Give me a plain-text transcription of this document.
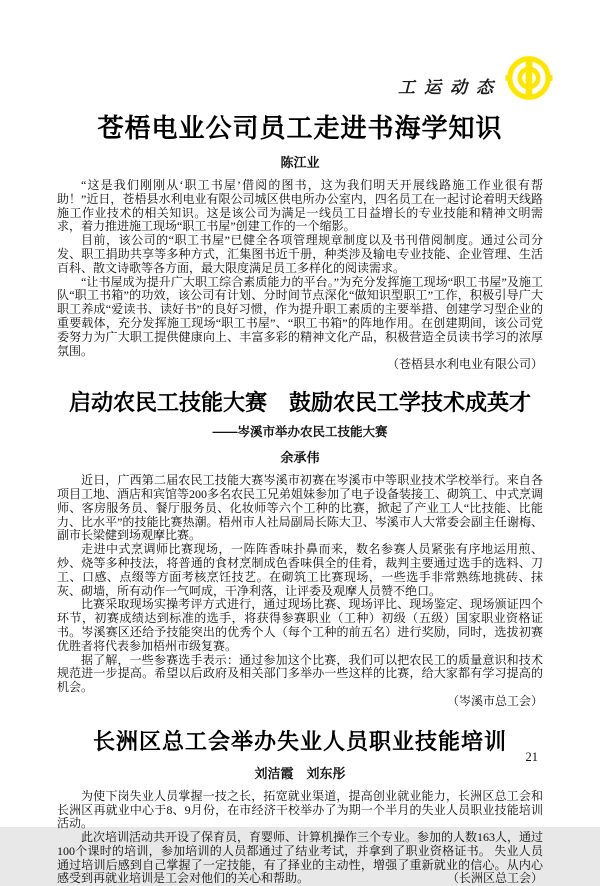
工运动态
苍梧电业公司员工走进书海学知识
陈江业

“这是我们刚刚从‘职工书屋’借阅的图书，这为我们明天开展线路施工作业很有帮助！”近日，苍梧县水利电业有限公司城区供电所办公室内，四名员工在一起讨论着明天线路施工作业技术的相关知识。这是该公司为满足一线员工日益增长的专业技能和精神文明需求，着力推进施工现场“职工书屋”创建工作的一个缩影。

目前，该公司的“职工书屋”已健全各项管理规章制度以及书刊借阅制度。通过公司分发、职工捐助共享等多种方式，汇集图书近千册，种类涉及输电专业技能、企业管理、生活百科、散文诗歌等各方面，最大限度满足员工多样化的阅读需求。

“让书屋成为提升广大职工综合素质能力的平台。”为充分发挥施工现场“职工书屋”及施工队“职工书箱”的功效，该公司有计划、分时间节点深化“做知识型职工”工作，积极引导广大职工养成“爱读书、读好书”的良好习惯，作为提升职工素质的主要举措、创建学习型企业的重要载体，充分发挥施工现场“职工书屋”、“职工书箱”的阵地作用。在创建期间，该公司党委努力为广大职工提供健康向上、丰富多彩的精神文化产品，积极营造全员读书学习的浓厚氛围。

（苍梧县水利电业有限公司）
启动农民工技能大赛　鼓励农民工学技术成英才
——岑溪市举办农民工技能大赛
余承伟

近日，广西第二届农民工技能大赛岑溪市初赛在岑溪市中等职业技术学校举行。来自各项目工地、酒店和宾馆等200多名农民工兄弟姐妹参加了电子设备装接工、砌筑工、中式烹调师、客房服务员、餐厅服务员、化妆师等六个工种的比赛，掀起了产业工人“比技能、比能力、比水平”的技能比赛热潮。梧州市人社局副局长陈大卫、岑溪市人大常委会副主任谢梅、副市长梁健到场观摩比赛。

走进中式烹调师比赛现场，一阵阵香味扑鼻而来，数名参赛人员紧张有序地运用煎、炒、烧等多种技法，将普通的食材烹制成色香味俱全的佳肴，裁判主要通过选手的选料、刀工、口感、点缀等方面考核烹饪技艺。在砌筑工比赛现场，一些选手非常熟练地挑砖、抹灰、砌墙，所有动作一气呵成，干净利落，让评委及观摩人员赞不绝口。

比赛采取现场实操考评方式进行，通过现场比赛、现场评比、现场鉴定、现场颁证四个环节，初赛成绩达到标准的选手，将获得参赛职业（工种）初级（五级）国家职业资格证书。岑溪赛区还给予技能突出的优秀个人（每个工种的前五名）进行奖励，同时，选拔初赛优胜者将代表参加梧州市级复赛。

据了解，一些参赛选手表示：通过参加这个比赛，我们可以把农民工的质量意识和技术规范进一步提高。希望以后政府及相关部门多举办一些这样的比赛，给大家都有学习提高的机会。

（岑溪市总工会）
长洲区总工会举办失业人员职业技能培训
刘洁霞　刘东彤

为使下岗失业人员掌握一技之长，拓宽就业渠道，提高创业就业能力，长洲区总工会和长洲区再就业中心于8、9月份，在市经济干校举办了为期一个半月的失业人员职业技能培训活动。

此次培训活动共开设了保育员，育婴师、计算机操作三个专业。参加的人数163人，通过100个课时的培训，参加培训的人员都通过了结业考试，并拿到了职业资格证书。 失业人员通过培训后感到自己掌握了一定技能，有了择业的主动性，增强了重新就业的信心。从内心感受到再就业培训是工会对他们的关心和帮助。	（长洲区总工会）
21
